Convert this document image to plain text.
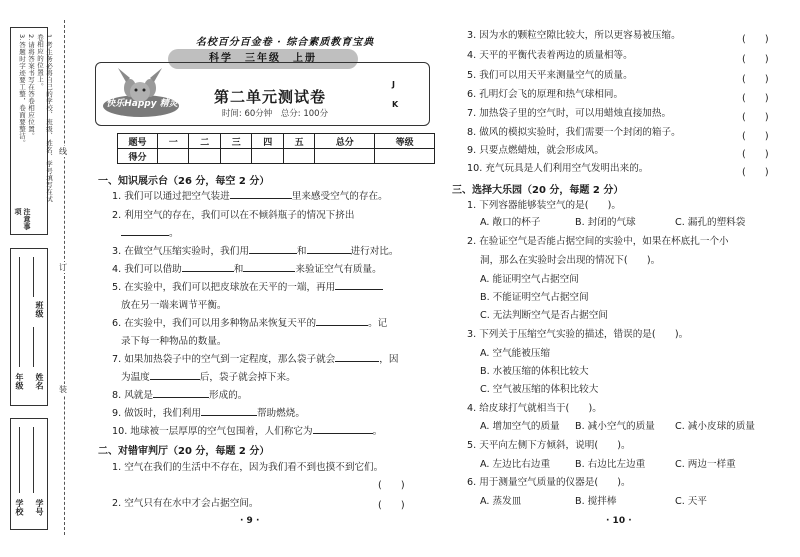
注意事项
1.考生务必将自己的学校、班级、姓名、学号填写在试卷相应的位置上。
2.请将答案书写在答卷相应位置。
3.答题时字迹要工整，卷面要整洁。
年级
班级
姓名
学校 学号
线
订
装
名校百分百金卷 · 综合素质教育宝典
科学　三年级　上册
快乐Happy 精灵	第二单元测试卷
时间: 60分钟　总分: 100分
J
K
题号	一	二	三	四	五	总分	等级
得分							
一、知识展示台（26 分，每空 2 分）
1. 我们可以通过把空气装进	里来感受空气的存在。
2. 利用空气的存在，我们可以在不倾斜瓶子的情况下挤出
。
3. 在做空气压缩实验时，我们用	和	进行对比。
4. 我们可以借助	和	来验证空气有质量。
5. 在实验中，我们可以把皮球放在天平的一端，再用
放在另一端来调节平衡。
6. 在实验中，我们可以用多种物品来恢复天平的	。记
录下每一种物品的数量。
7. 如果加热袋子中的空气到一定程度，那么袋子就会	，因
为温度	后，袋子就会掉下来。
8. 风就是	形成的。
9. 做饭时，我们利用	帮助燃烧。
10. 地球被一层厚厚的空气包围着，人们称它为	。
二、对错审判厅（20 分，每题 2 分）
1. 空气在我们的生活中不存在，因为我们看不到也摸不到它们。
(　　)
2. 空气只有在水中才会占据空间。	(　　)
· 9 ·
3. 因为水的颗粒空隙比较大，所以更容易被压缩。	(　　)
4. 天平的平衡代表着两边的质量相等。	(　　)
5. 我们可以用天平来测量空气的质量。	(　　)
6. 孔明灯会飞的原理和热气球相同。	(　　)
7. 加热袋子里的空气时，可以用蜡烛直接加热。	(　　)
8. 做风的模拟实验时，我们需要一个封闭的箱子。	(　　)
9. 只要点燃蜡烛，就会形成风。	(　　)
10. 充气玩具是人们利用空气发明出来的。	(　　)
三、选择大乐园（20 分，每题 2 分）
1. 下列容器能够装空气的是(　　)。
A. 敞口的杯子	B. 封闭的气球	C. 漏孔的塑料袋
2. 在验证空气是否能占据空间的实验中，如果在杯底扎一个小
洞，那么在实验时会出现的情况下(　　)。
A. 能证明空气占据空间
B. 不能证明空气占据空间
C. 无法判断空气是否占据空间
3. 下列关于压缩空气实验的描述，错误的是(　　)。
A. 空气能被压缩
B. 水被压缩的体积比较大
C. 空气被压缩的体积比较大
4. 给皮球打气就相当于(　　)。
A. 增加空气的质量 B. 减小空气的质量 C. 减小皮球的质量
5. 天平向左侧下方倾斜，说明(　　)。
A. 左边比右边重	B. 右边比左边重	C. 两边一样重
6. 用于测量空气质量的仪器是(　　)。
A. 蒸发皿	B. 搅拌棒	C. 天平
· 10 ·
